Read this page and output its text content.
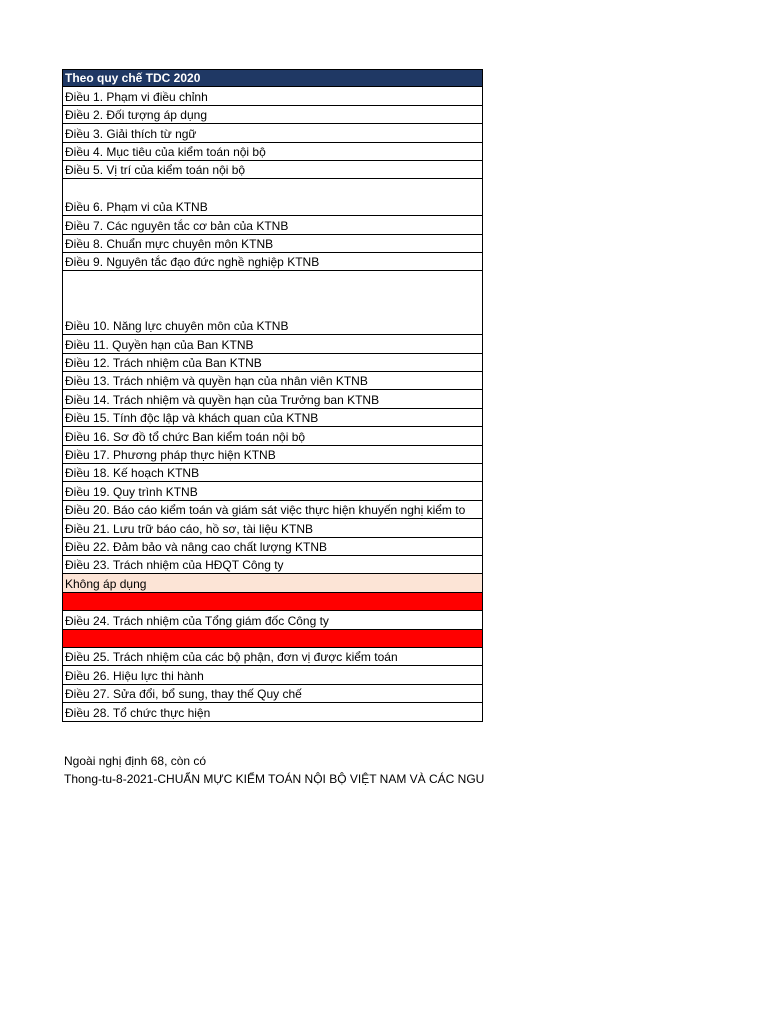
Theo quy chế TDC 2020
Điều 1. Phạm vi điều chỉnh
Điều 2. Đối tượng áp dụng
Điều 3. Giải thích từ ngữ
Điều 4. Mục tiêu của kiểm toán nội bộ
Điều 5. Vị trí của kiểm toán nội bộ
Điều 6. Phạm vi của KTNB
Điều 7. Các nguyên tắc cơ bản của KTNB
Điều 8. Chuẩn mực chuyên môn KTNB
Điều 9. Nguyên tắc đạo đức nghề nghiệp KTNB
Điều 10. Năng lực chuyên môn của KTNB
Điều 11. Quyền hạn của Ban KTNB
Điều 12. Trách nhiệm của Ban KTNB
Điều 13. Trách nhiệm và quyền hạn của nhân viên KTNB
Điều 14. Trách nhiệm và quyền hạn của Trưởng ban KTNB
Điều 15. Tính độc lập và khách quan của KTNB
Điều 16. Sơ đồ tổ chức Ban kiểm toán nội bộ
Điều 17. Phương pháp thực hiện KTNB
Điều 18. Kế hoạch KTNB
Điều 19. Quy trình KTNB
Điều 20. Báo cáo kiểm toán và giám sát việc thực hiện khuyến nghị kiểm to
Điều 21. Lưu trữ báo cáo, hồ sơ, tài liệu KTNB
Điều 22. Đảm bảo và nâng cao chất lượng KTNB
Điều 23. Trách nhiệm của HĐQT Công ty
Không áp dụng
Điều 24. Trách nhiệm của Tổng giám đốc Công ty
Điều 25. Trách nhiệm của các bộ phận, đơn vị được kiểm toán
Điều 26. Hiệu lực thi hành
Điều 27. Sửa đổi, bổ sung, thay thế Quy chế
Điều 28. Tổ chức thực hiện
Ngoài nghị định 68, còn có
Thong-tu-8-2021-CHUẨN MỰC KIỂM TOÁN NỘI BỘ VIỆT NAM VÀ CÁC NGU
